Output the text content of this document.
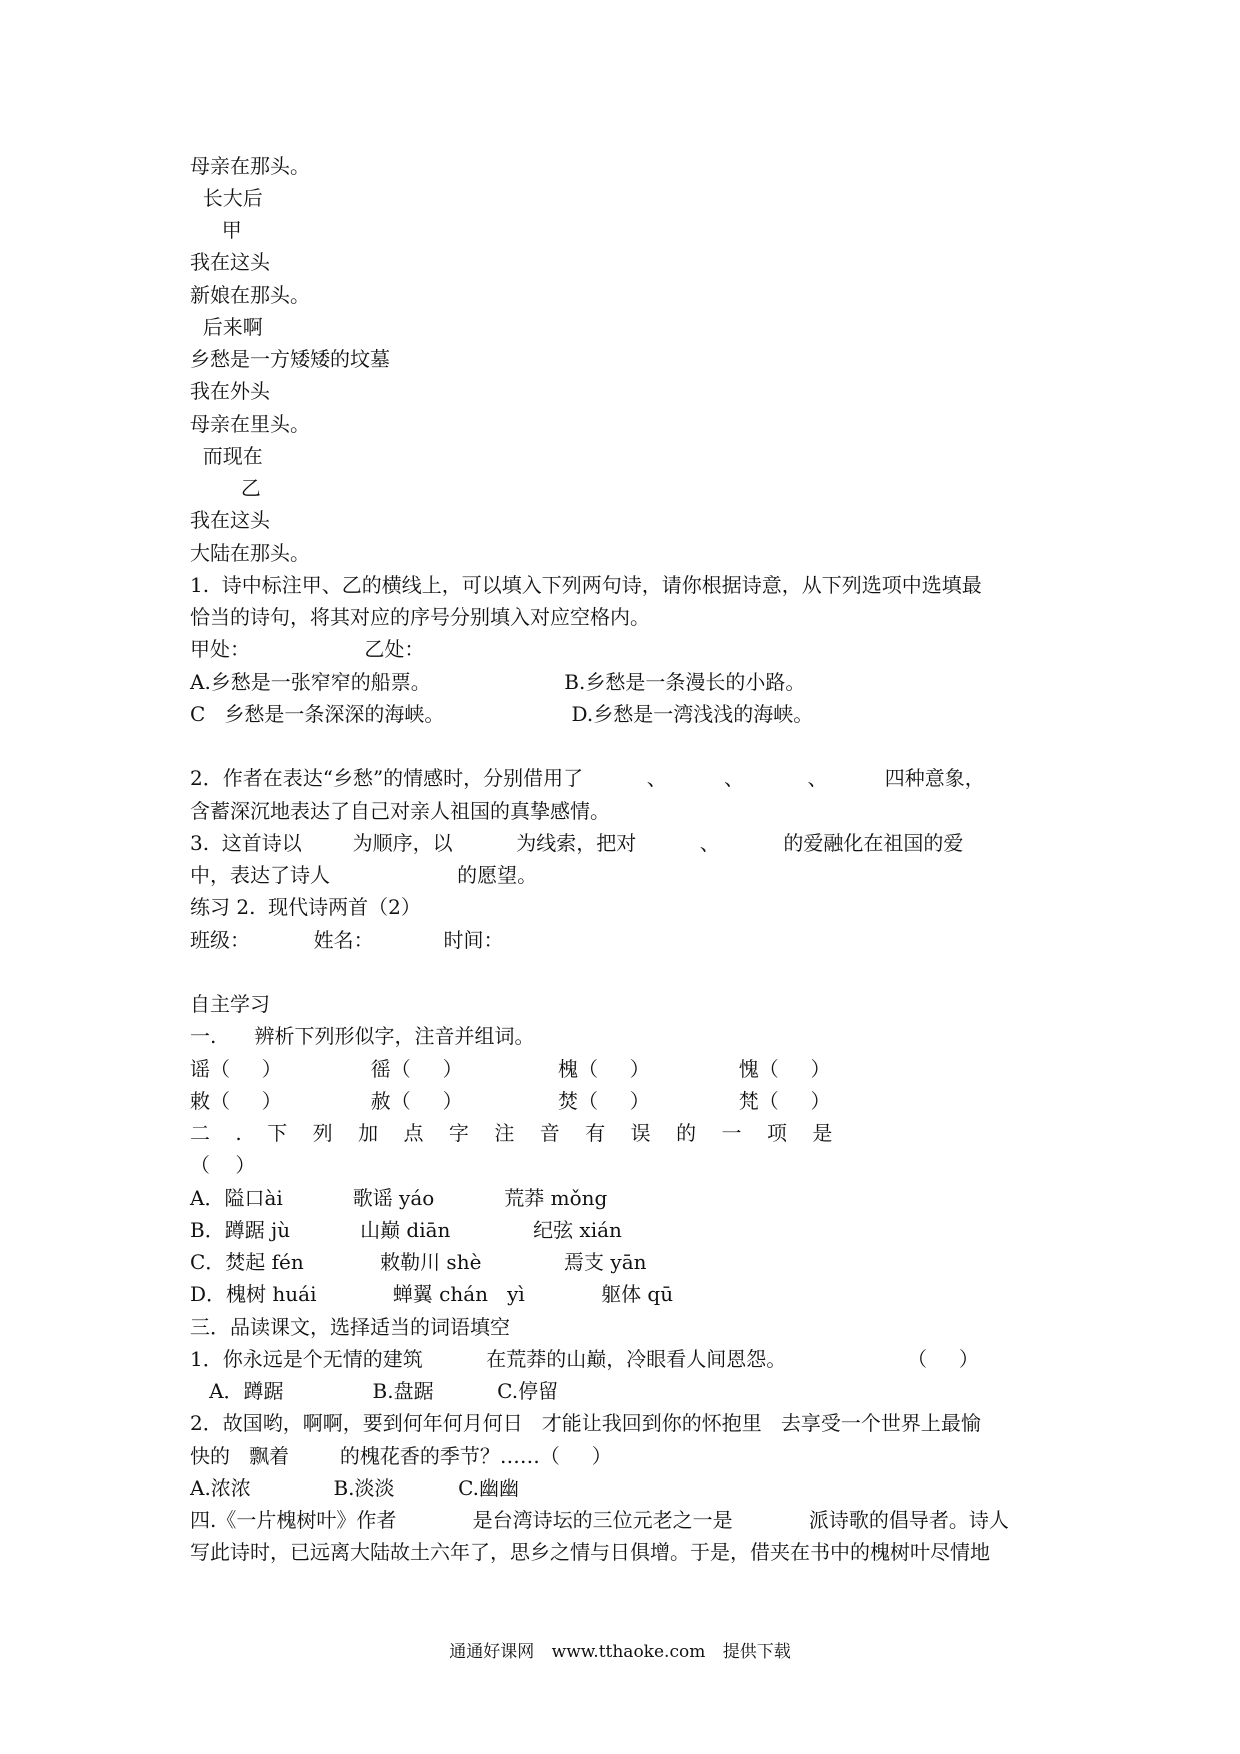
母亲在那头。
长大后
甲
我在这头
新娘在那头。
后来啊
乡愁是一方矮矮的坟墓
我在外头
母亲在里头。
而现在
乙
我在这头
大陆在那头。
1.  诗中标注甲、乙的横线上，可以填入下列两句诗，请你根据诗意，从下列选项中选填最
恰当的诗句，将其对应的序号分别填入对应空格内。
甲处：                  乙处：
A.乡愁是一张窄窄的船票。                     B.乡愁是一条漫长的小路。
C   乡愁是一条深深的海峡。                    D.乡愁是一湾浅浅的海峡。
2．作者在表达“乡愁”的情感时，分别借用了          、         、          、         四种意象，
含蓄深沉地表达了自己对亲人祖国的真挚感情。
3.  这首诗以        为顺序，以          为线索，把对          、          的爱融化在祖国的爱
中，表达了诗人                    的愿望。
练习 2.  现代诗两首（2）
班级：          姓名：           时间：
自主学习
一.      辨析下列形似字，注音并组词。
谣（     ）              徭（     ）               槐（     ）              愧（     ）
敕（     ）              赦（     ）               焚（     ）              梵（     ）
二    .    下    列    加    点    字    注    音    有    误    的    一    项    是
（    ）
A．隘口ài           歌谣 yáo           荒莽 mǒng
B．蹲踞 jù           山巅 diān             纪弦 xián
C．焚起 fén            敕勒川 shè             焉支 yān
D．槐树 huái            蝉翼 chán   yì            躯体 qū
三．品读课文，选择适当的词语填空
1．你永远是个无情的建筑          在荒莽的山巅，冷眼看人间恩怨。                   （     ）
A．蹲踞              B.盘踞          C.停留
2．故国哟，啊啊，要到何年何月何日   才能让我回到你的怀抱里   去享受一个世界上最愉
快的   飘着        的槐花香的季节？……（     ）
A.浓浓             B.淡淡          C.幽幽
四.《一片槐树叶》作者            是台湾诗坛的三位元老之一是            派诗歌的倡导者。诗人
写此诗时，已远离大陆故土六年了，思乡之情与日俱增。于是，借夹在书中的槐树叶尽情地
通通好课网 www.tthaoke.com 提供下载
